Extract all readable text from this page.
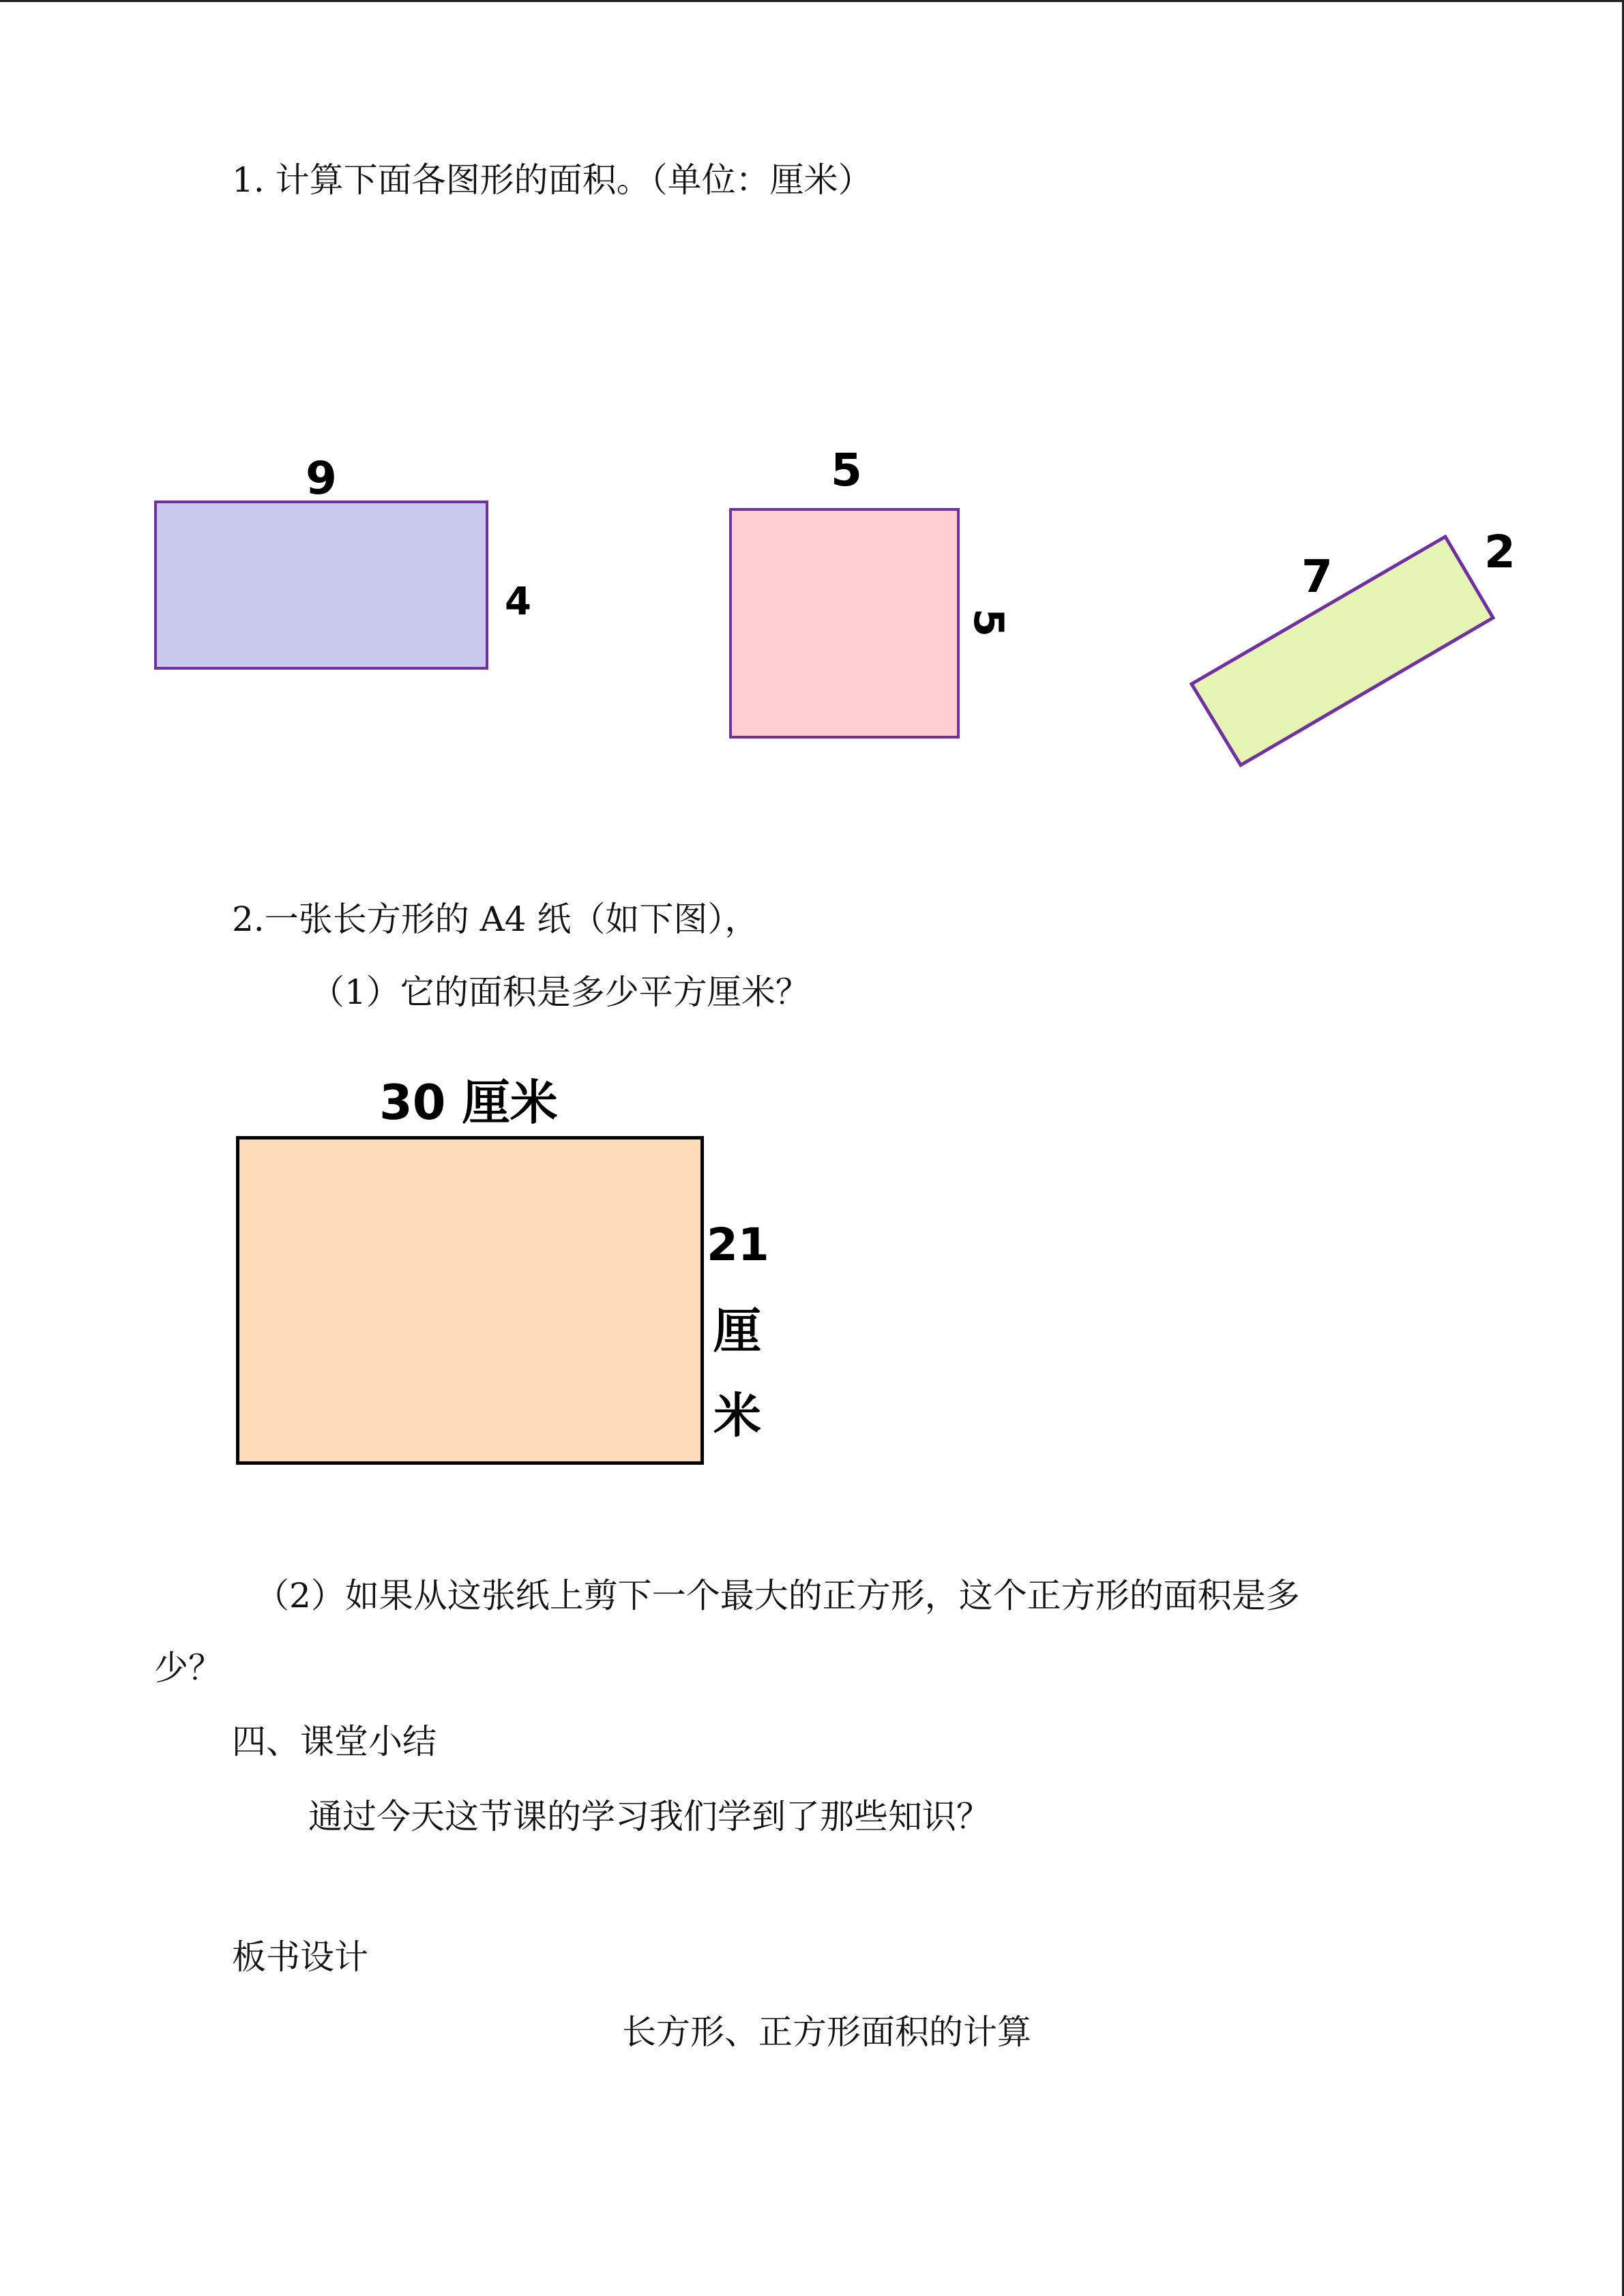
1. 计算下面各图形的面积。（单位：厘米）
9
4
5
5
7	2
2.一张长方形的 A4 纸（如下图），
（1）它的面积是多少平方厘米？
30 厘米
21
厘
米
（2）如果从这张纸上剪下一个最大的正方形，这个正方形的面积是多
少？
四、课堂小结
通过今天这节课的学习我们学到了那些知识？
板书设计
长方形、正方形面积的计算
